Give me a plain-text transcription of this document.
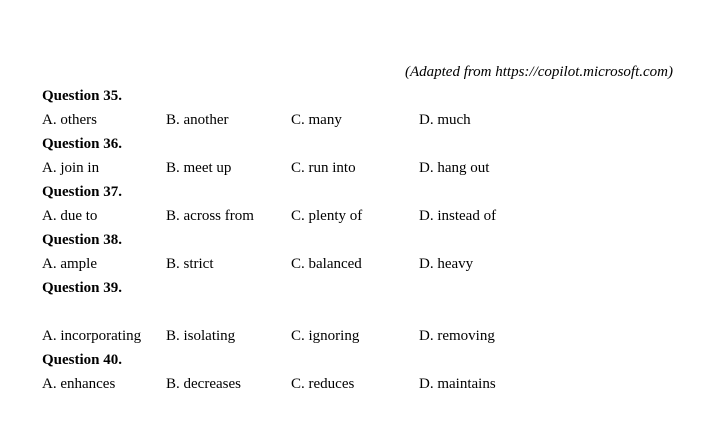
(Adapted from https://copilot.microsoft.com)
Question 35.
A. others	B. another	C. many	D. much
Question 36.
A. join in	B. meet up	C. run into	D. hang out
Question 37.
A. due to	B. across from C. plenty of	D. instead of
Question 38.
A. ample	B. strict	C. balanced	D. heavy
Question 39.
A. incorporating B. isolating	C. ignoring	D. removing
Question 40.
A. enhances	B. decreases	C. reduces	D. maintains
